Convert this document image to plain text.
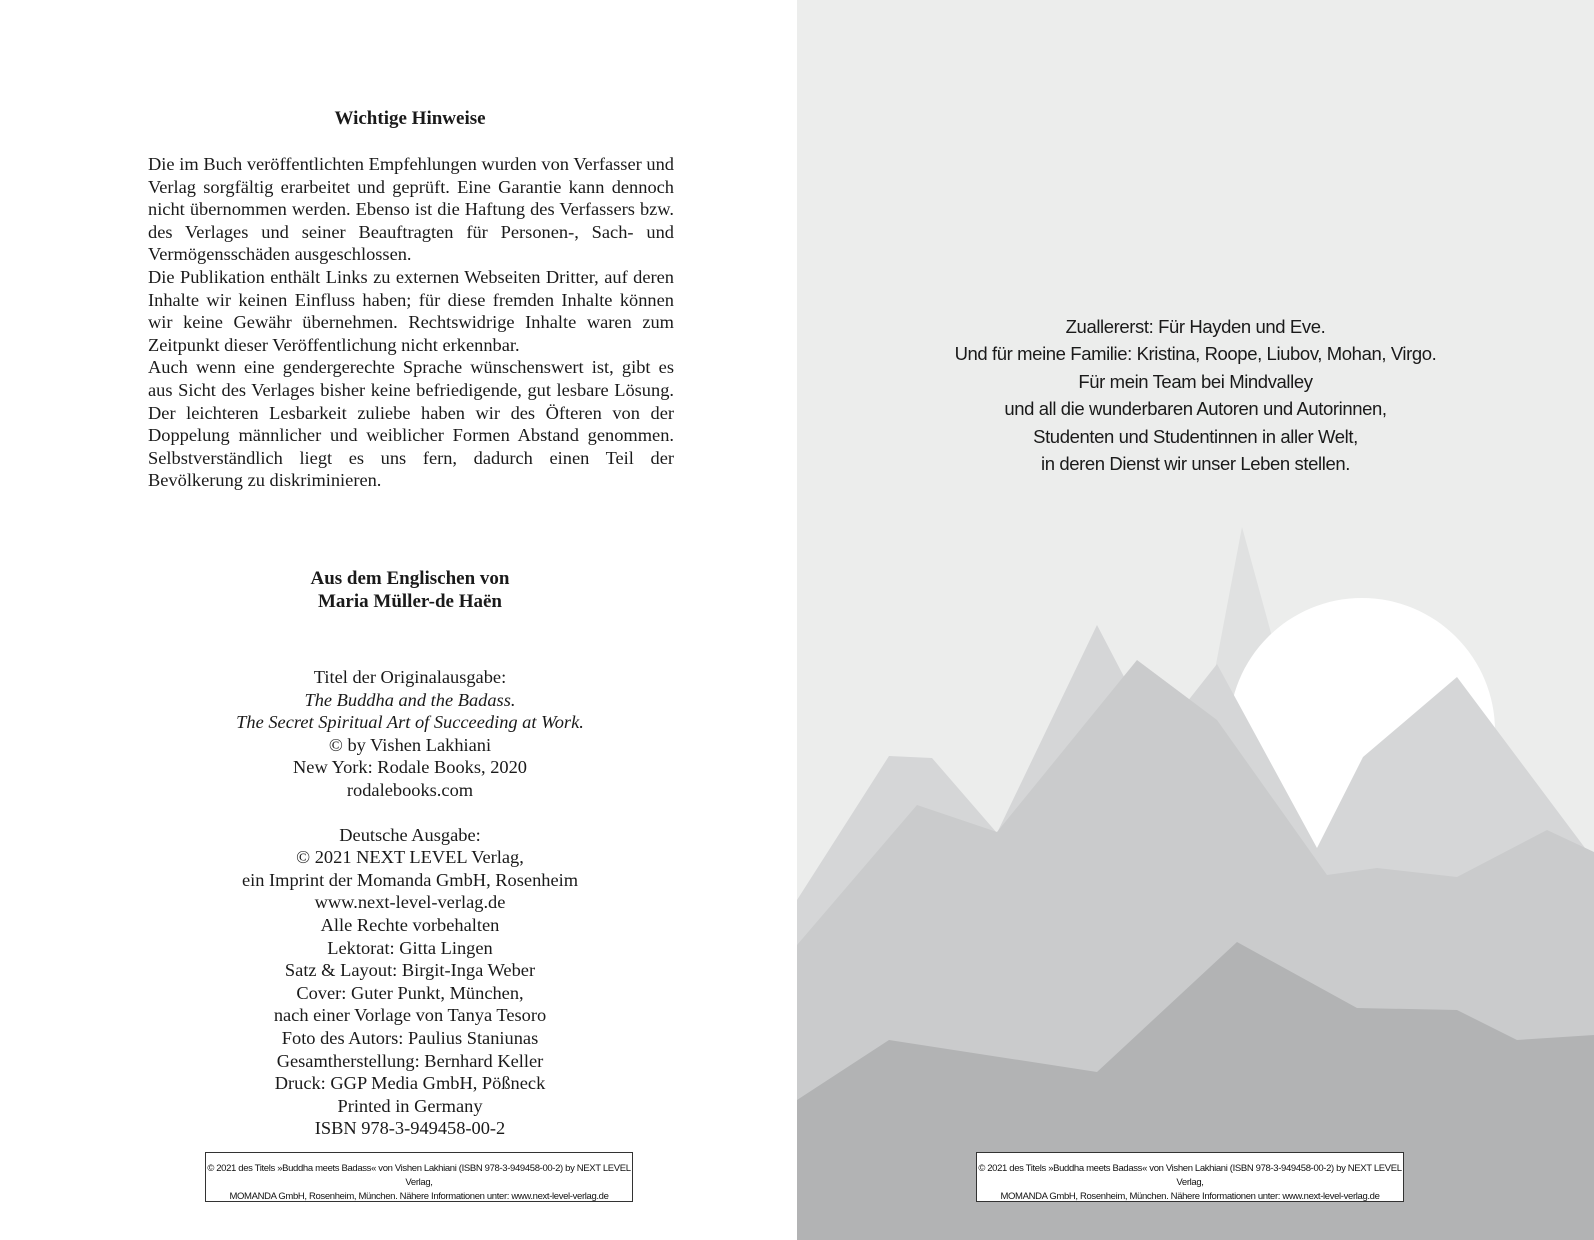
Wichtige Hinweise

Die im Buch veröffentlichten Empfehlungen wurden von Verfasser und Verlag sorgfältig erarbeitet und geprüft. Eine Garantie kann dennoch nicht übernommen werden. Ebenso ist die Haftung des Verfassers bzw. des Verlages und seiner Beauftragten für Personen-, Sach- und Vermögensschäden ausgeschlossen.

Die Publikation enthält Links zu externen Webseiten Dritter, auf deren Inhalte wir keinen Einfluss haben; für diese fremden Inhalte können wir keine Gewähr übernehmen. Rechtswidrige Inhalte waren zum Zeitpunkt dieser Veröffentlichung nicht erkennbar.

Auch wenn eine gendergerechte Sprache wünschenswert ist, gibt es aus Sicht des Verlages bisher keine befriedigende, gut lesbare Lösung. Der leichteren Lesbarkeit zuliebe haben wir des Öfteren von der Doppelung männlicher und weiblicher Formen Abstand genommen. Selbstverständlich liegt es uns fern, dadurch einen Teil der Bevölkerung zu diskriminieren.

Aus dem Englischen von
Maria Müller-de Haën
Titel der Originalausgabe:
The Buddha and the Badass.
The Secret Spiritual Art of Succeeding at Work.
© by Vishen Lakhiani
New York: Rodale Books, 2020
rodalebooks.com
Deutsche Ausgabe:
© 2021 NEXT LEVEL Verlag,
ein Imprint der Momanda GmbH, Rosenheim
www.next-level-verlag.de
Alle Rechte vorbehalten
Lektorat: Gitta Lingen
Satz & Layout: Birgit-Inga Weber
Cover: Guter Punkt, München,
nach einer Vorlage von Tanya Tesoro
Foto des Autors: Paulius Staniunas
Gesamtherstellung: Bernhard Keller
Druck: GGP Media GmbH, Pößneck
Printed in Germany
ISBN 978-3-949458-00-2
© 2021 des Titels »Buddha meets Badass« von Vishen Lakhiani (ISBN 978-3-949458-00-2) by NEXT LEVEL Verlag,
MOMANDA GmbH, Rosenheim, München. Nähere Informationen unter: www.next-level-verlag.de
Zuallererst: Für Hayden und Eve.
Und für meine Familie: Kristina, Roope, Liubov, Mohan, Virgo.
Für mein Team bei Mindvalley
und all die wunderbaren Autoren und Autorinnen,
Studenten und Studentinnen in aller Welt,
in deren Dienst wir unser Leben stellen.
© 2021 des Titels »Buddha meets Badass« von Vishen Lakhiani (ISBN 978-3-949458-00-2) by NEXT LEVEL Verlag,
MOMANDA GmbH, Rosenheim, München. Nähere Informationen unter: www.next-level-verlag.de
